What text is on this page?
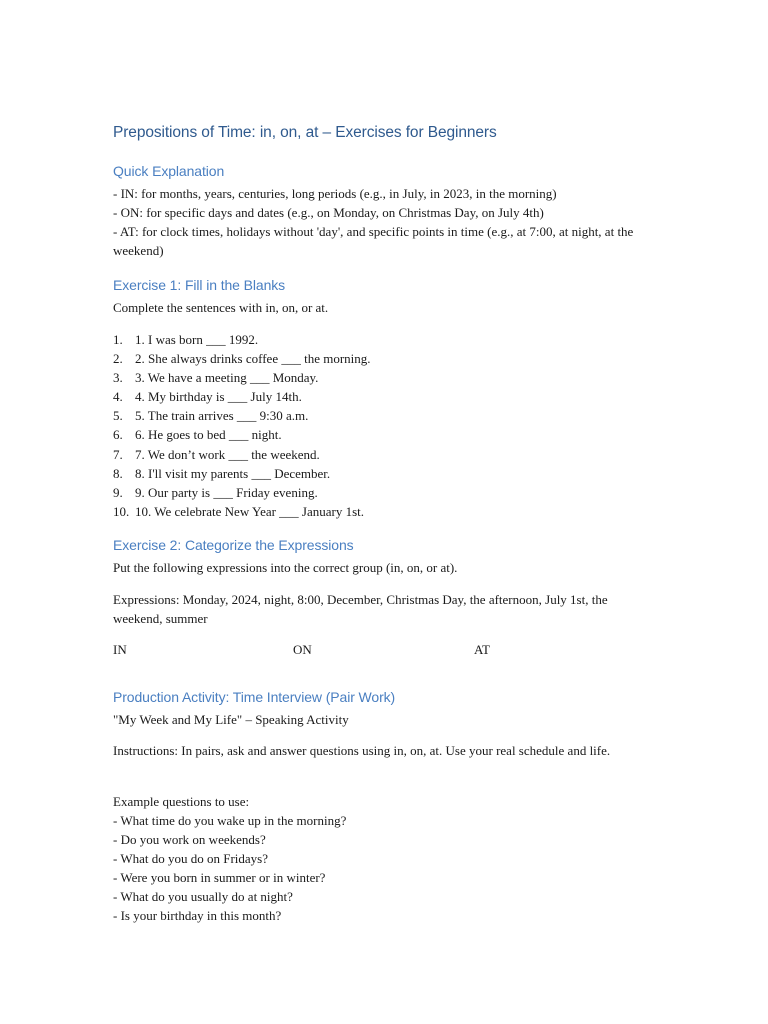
Prepositions of Time: in, on, at – Exercises for Beginners
Quick Explanation
- IN: for months, years, centuries, long periods (e.g., in July, in 2023, in the morning)
- ON: for specific days and dates (e.g., on Monday, on Christmas Day, on July 4th)
- AT: for clock times, holidays without 'day', and specific points in time (e.g., at 7:00, at night, at the weekend)
Exercise 1: Fill in the Blanks
Complete the sentences with in, on, or at.
1. 1. I was born ___ 1992.
2. 2. She always drinks coffee ___ the morning.
3. 3. We have a meeting ___ Monday.
4. 4. My birthday is ___ July 14th.
5. 5. The train arrives ___ 9:30 a.m.
6. 6. He goes to bed ___ night.
7. 7. We don’t work ___ the weekend.
8. 8. I'll visit my parents ___ December.
9. 9. Our party is ___ Friday evening.
10. 10. We celebrate New Year ___ January 1st.
Exercise 2: Categorize the Expressions
Put the following expressions into the correct group (in, on, or at).
Expressions: Monday, 2024, night, 8:00, December, Christmas Day, the afternoon, July 1st, the weekend, summer
IN	ON	AT
Production Activity: Time Interview (Pair Work)
"My Week and My Life" – Speaking Activity
Instructions: In pairs, ask and answer questions using in, on, at. Use your real schedule and life.
Example questions to use:
- What time do you wake up in the morning?
- Do you work on weekends?
- What do you do on Fridays?
- Were you born in summer or in winter?
- What do you usually do at night?
- Is your birthday in this month?
